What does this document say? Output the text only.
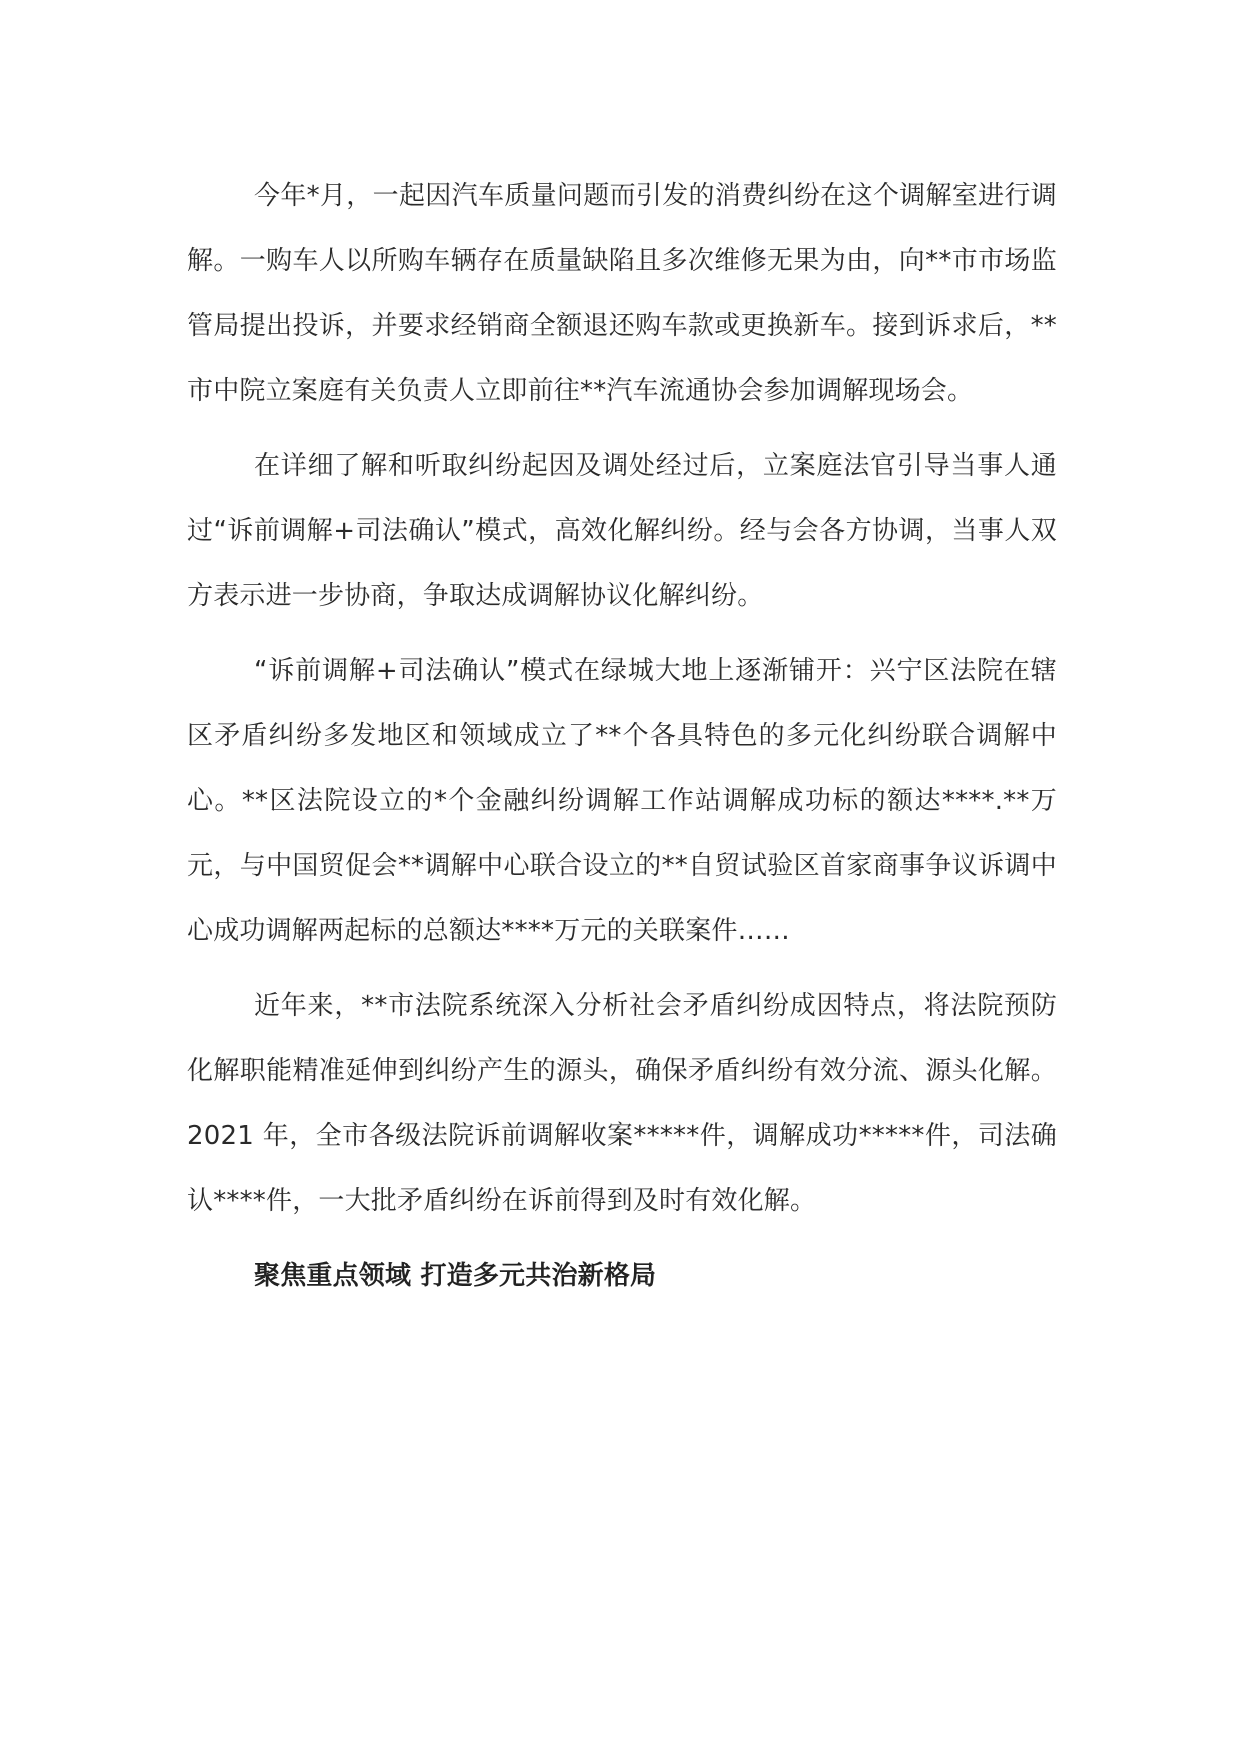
今年*月，一起因汽车质量问题而引发的消费纠纷在这个调解室进行调解。一购车人以所购车辆存在质量缺陷且多次维修无果为由，向**市市场监管局提出投诉，并要求经销商全额退还购车款或更换新车。接到诉求后，**市中院立案庭有关负责人立即前往**汽车流通协会参加调解现场会。

在详细了解和听取纠纷起因及调处经过后，立案庭法官引导当事人通过“诉前调解+司法确认”模式，高效化解纠纷。经与会各方协调，当事人双方表示进一步协商，争取达成调解协议化解纠纷。

“诉前调解+司法确认”模式在绿城大地上逐渐铺开：兴宁区法院在辖区矛盾纠纷多发地区和领域成立了**个各具特色的多元化纠纷联合调解中心。**区法院设立的*个金融纠纷调解工作站调解成功标的额达****.**万元，与中国贸促会**调解中心联合设立的**自贸试验区首家商事争议诉调中心成功调解两起标的总额达****万元的关联案件……

近年来，**市法院系统深入分析社会矛盾纠纷成因特点，将法院预防化解职能精准延伸到纠纷产生的源头，确保矛盾纠纷有效分流、源头化解。2021 年，全市各级法院诉前调解收案*****件，调解成功*****件，司法确认****件，一大批矛盾纠纷在诉前得到及时有效化解。

聚焦重点领域 打造多元共治新格局
